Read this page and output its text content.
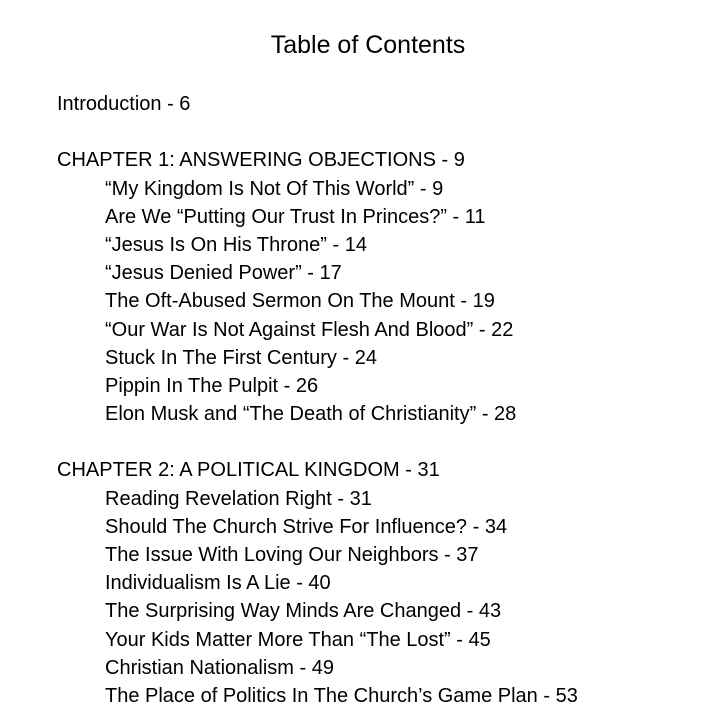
Table of Contents
Introduction - 6
CHAPTER 1: ANSWERING OBJECTIONS - 9
“My Kingdom Is Not Of This World” - 9
Are We “Putting Our Trust In Princes?” - 11
“Jesus Is On His Throne” - 14
“Jesus Denied Power” - 17
The Oft-Abused Sermon On The Mount - 19
“Our War Is Not Against Flesh And Blood” - 22
Stuck In The First Century - 24
Pippin In The Pulpit - 26
Elon Musk and “The Death of Christianity” - 28
CHAPTER 2: A POLITICAL KINGDOM - 31
Reading Revelation Right - 31
Should The Church Strive For Influence? - 34
The Issue With Loving Our Neighbors - 37
Individualism Is A Lie - 40
The Surprising Way Minds Are Changed - 43
Your Kids Matter More Than “The Lost” - 45
Christian Nationalism - 49
The Place of Politics In The Church’s Game Plan - 53
